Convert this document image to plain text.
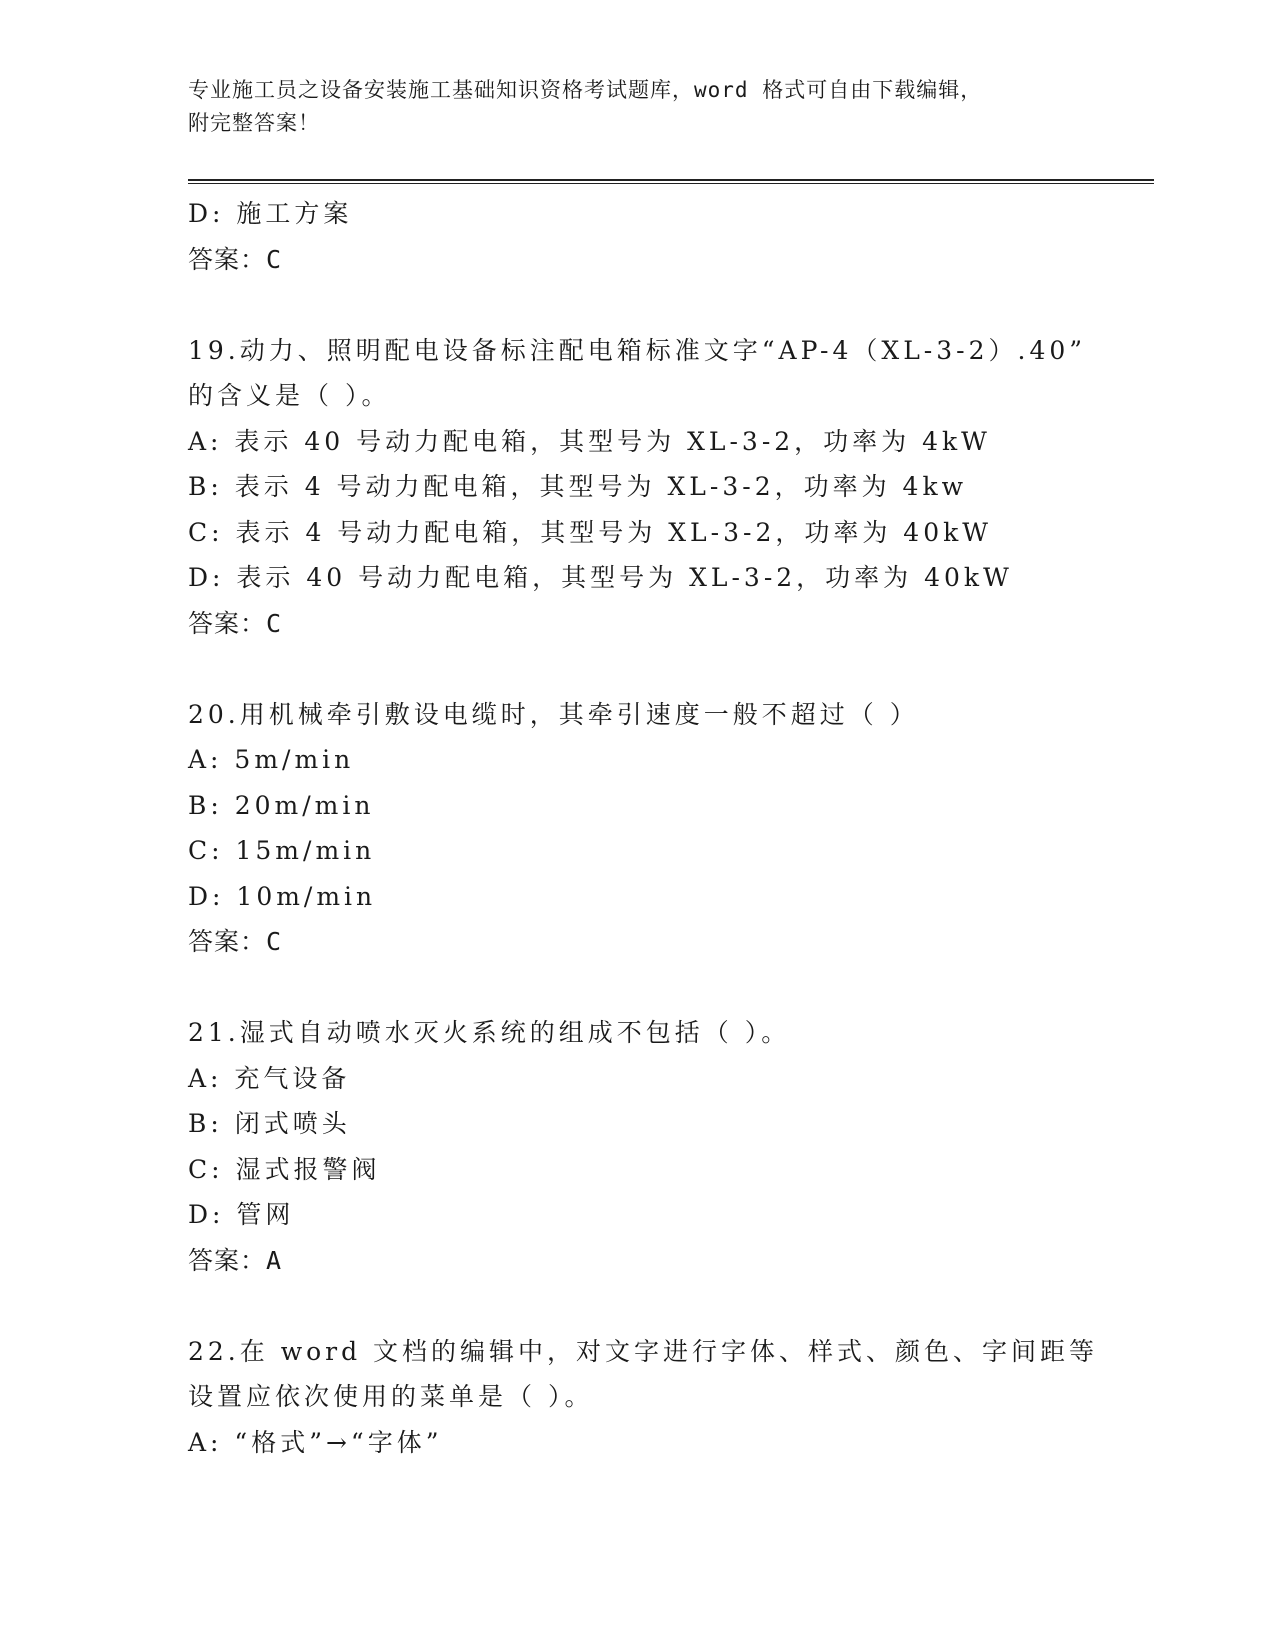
专业施工员之设备安装施工基础知识资格考试题库，word 格式可自由下载编辑，
附完整答案！
D: 施工方案
答案：C
19.动力、照明配电设备标注配电箱标准文字“AP-4（XL-3-2）.40”
的含义是（ ）。
A: 表示 40 号动力配电箱，其型号为 XL-3-2，功率为 4kW
B: 表示 4 号动力配电箱，其型号为 XL-3-2，功率为 4kw
C: 表示 4 号动力配电箱，其型号为 XL-3-2，功率为 40kW
D: 表示 40 号动力配电箱，其型号为 XL-3-2，功率为 40kW
答案：C
20.用机械牵引敷设电缆时，其牵引速度一般不超过（ ）
A: 5m/min
B: 20m/min
C: 15m/min
D: 10m/min
答案：C
21.湿式自动喷水灭火系统的组成不包括（ ）。
A: 充气设备
B: 闭式喷头
C: 湿式报警阀
D: 管网
答案：A
22.在 word 文档的编辑中，对文字进行字体、样式、颜色、字间距等
设置应依次使用的菜单是（ ）。
A: “格式”→“字体”
